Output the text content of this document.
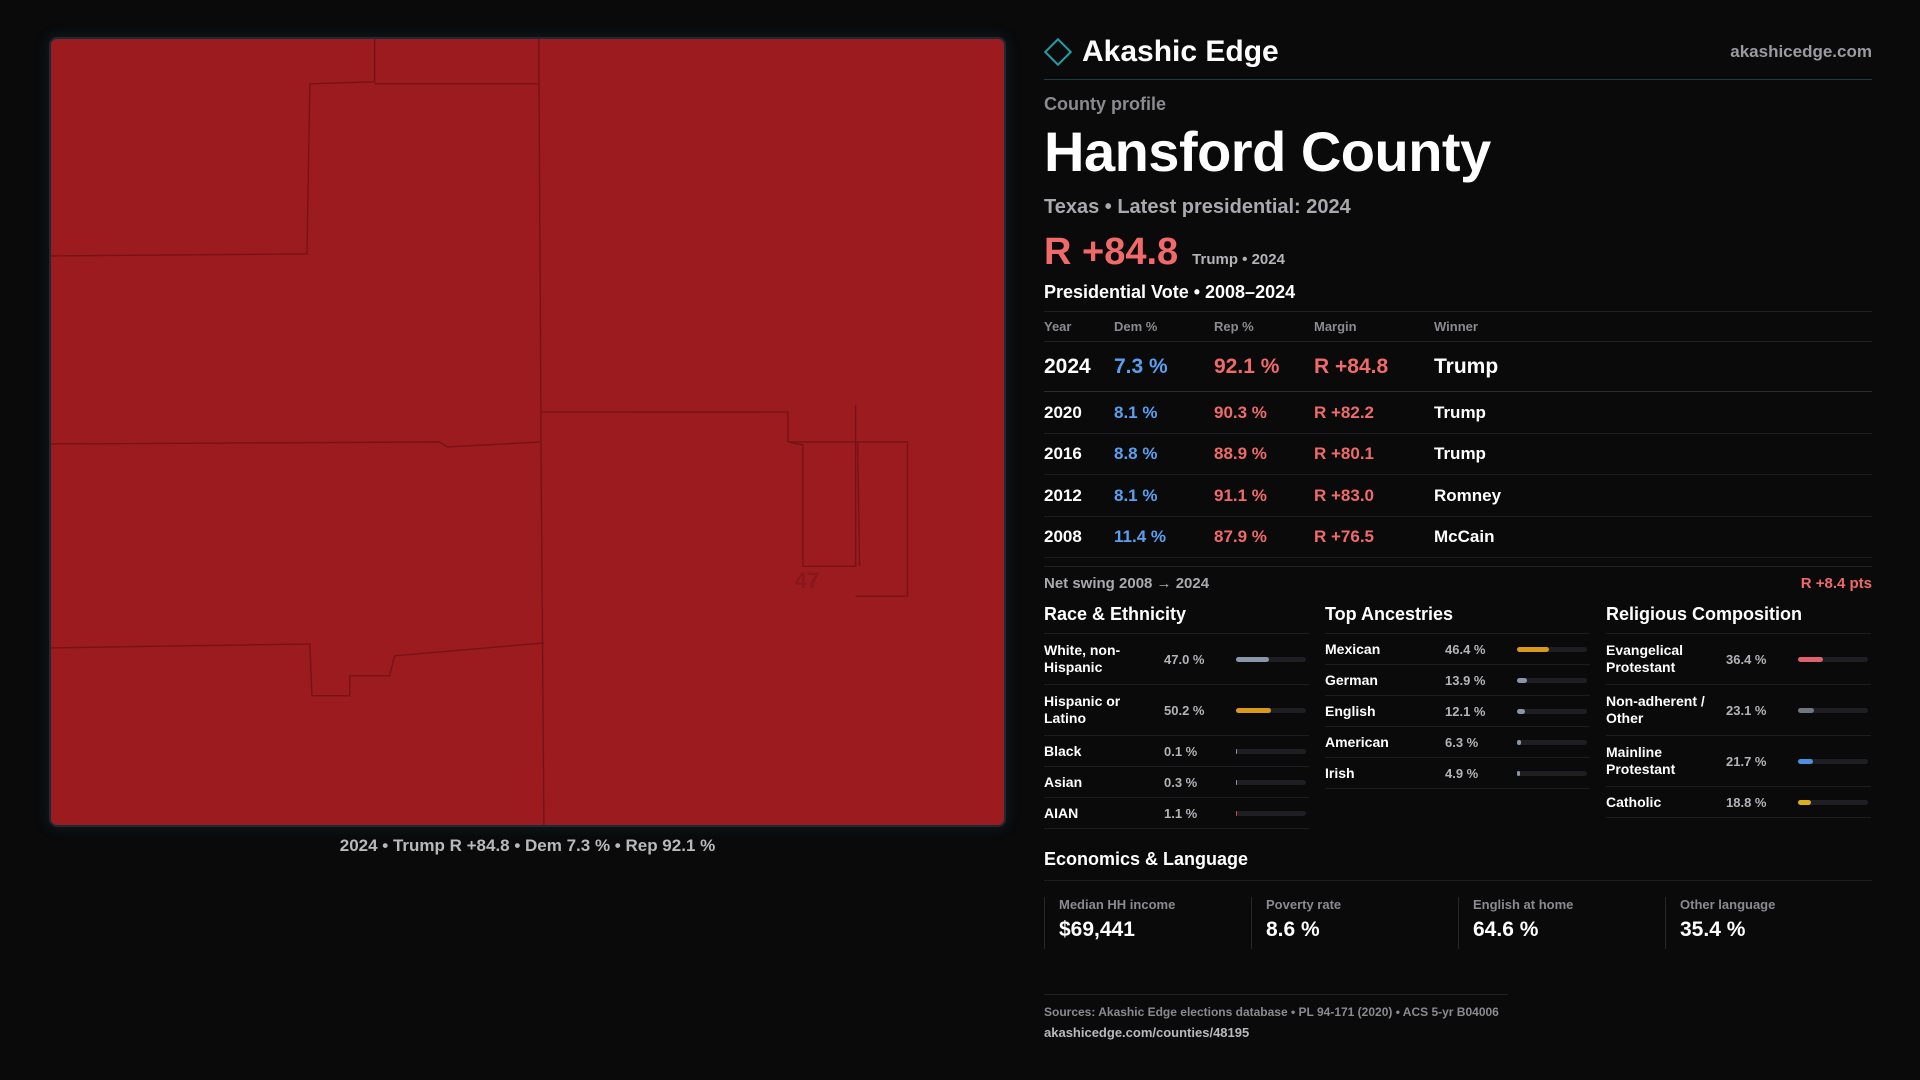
47
2024 • Trump R +84.8 • Dem 7.3 % • Rep 92.1 %
Akashic Edge	akashicedge.com
County profile
Hansford County
Texas • Latest presidential: 2024
R +84.8 Trump • 2024
Presidential Vote • 2008–2024
Year	Dem %	Rep %	Margin	Winner
2024	7.3 %	92.1 %	R +84.8	Trump
2020	8.1 %	90.3 %	R +82.2	Trump
2016	8.8 %	88.9 %	R +80.1	Trump
2012	8.1 %	91.1 %	R +83.0	Romney
2008	11.4 %	87.9 %	R +76.5	McCain
Net swing 2008 → 2024	R +8.4 pts
Race & Ethnicity
White, non-Hispanic	47.0 %
Hispanic or Latino	50.2 %
Black	0.1 %
Asian	0.3 %
AIAN	1.1 %
Top Ancestries
Mexican	46.4 %
German	13.9 %
English	12.1 %
American	6.3 %
Irish	4.9 %
Religious Composition
Evangelical Protestant	36.4 %
Non-adherent / Other	23.1 %
Mainline Protestant	21.7 %
Catholic	18.8 %
Economics & Language
Median HH income
$69,441
Poverty rate
8.6 %
English at home
64.6 %
Other language
35.4 %
Sources: Akashic Edge elections database • PL 94-171 (2020) • ACS 5-yr B04006
akashicedge.com/counties/48195
